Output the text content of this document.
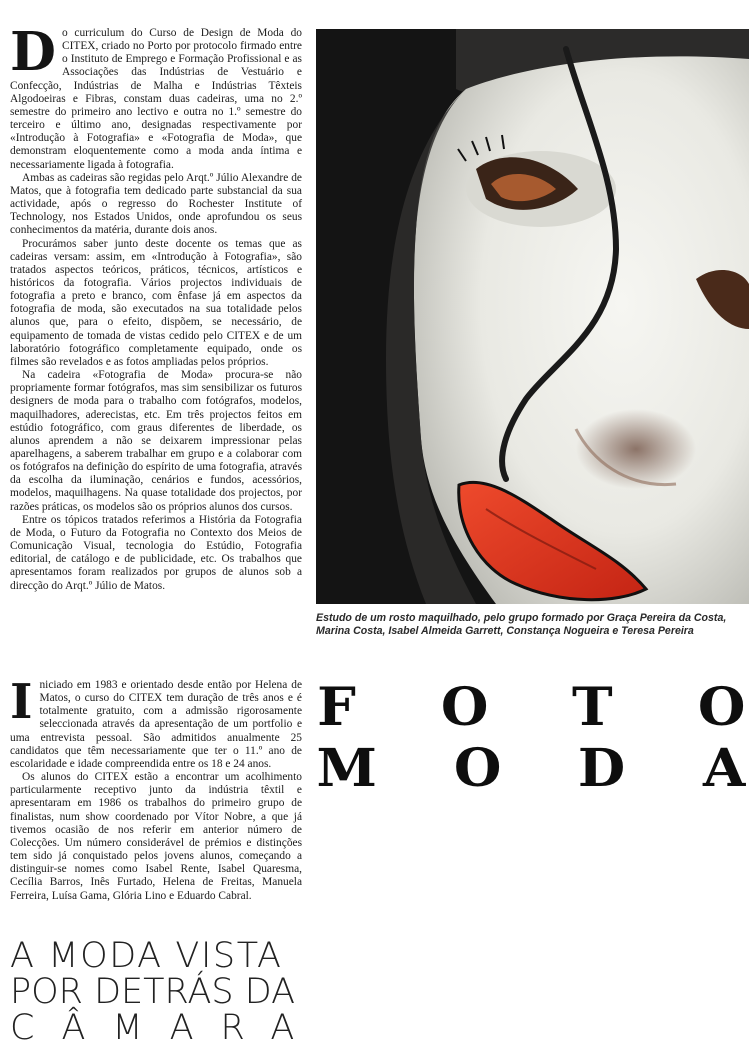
Do curriculum do Curso de Design de Moda do CITEX, criado no Porto por protocolo firmado entre o Instituto de Emprego e Formação Profissional e as Associações das Indústrias de Vestuário e Confecção, Indústrias de Malha e Indústrias Têxteis Algodoeiras e Fibras, constam duas cadeiras, uma no 2.º semestre do primeiro ano lectivo e outra no 1.º semestre do terceiro e último ano, designadas respectivamente por «Introdução à Fotografia» e «Fotografia de Moda», que demonstram eloquentemente como a moda anda íntima e necessariamente ligada à fotografia.

Ambas as cadeiras são regidas pelo Arqt.º Júlio Alexandre de Matos, que à fotografia tem dedicado parte substancial da sua actividade, após o regresso do Rochester Institute of Technology, nos Estados Unidos, onde aprofundou os seus conhecimentos da matéria, durante dois anos.

Procurámos saber junto deste docente os temas que as cadeiras versam: assim, em «Introdução à Fotografia», são tratados aspectos teóricos, práticos, técnicos, artísticos e históricos da fotografia. Vários projectos individuais de fotografia a preto e branco, com ênfase já em aspectos da fotografia de moda, são executados na sua totalidade pelos alunos que, para o efeito, dispõem, se necessário, de equipamento de tomada de vistas cedido pelo CITEX e de um laboratório fotográfico completamente equipado, onde os filmes são revelados e as fotos ampliadas pelos próprios.

Na cadeira «Fotografia de Moda» procura-se não propriamente formar fotógrafos, mas sim sensibilizar os futuros designers de moda para o trabalho com fotógrafos, modelos, maquilhadores, aderecistas, etc. Em três projectos feitos em estúdio fotográfico, com graus diferentes de liberdade, os alunos aprendem a não se deixarem impressionar pelas aparelhagens, a saberem trabalhar em grupo e a colaborar com os fotógrafos na definição do espírito de uma fotografia, através da escolha da iluminação, cenários e fundos, acessórios, modelos, maquilhagens. Na quase totalidade dos projectos, por razões práticas, os modelos são os próprios alunos dos cursos.

Entre os tópicos tratados referimos a História da Fotografia de Moda, o Futuro da Fotografia no Contexto dos Meios de Comunicação Visual, tecnologia do Estúdio, Fotografia editorial, de catálogo e de publicidade, etc. Os trabalhos que apresentamos foram realizados por grupos de alunos sob a direcção do Arqt.º Júlio de Matos.

Iniciado em 1983 e orientado desde então por Helena de Matos, o curso do CITEX tem duração de três anos e é totalmente gratuito, com a admissão rigorosamente seleccionada através da apresentação de um portfolio e uma entrevista pessoal. São admitidos anualmente 25 candidatos que têm necessariamente que ter o 11.º ano de escolaridade e idade compreendida entre os 18 e 24 anos.

Os alunos do CITEX estão a encontrar um acolhimento particularmente receptivo junto da indústria têxtil e apresentaram em 1986 os trabalhos do primeiro grupo de finalistas, num show coordenado por Vítor Nobre, a que já tivemos ocasião de nos referir em anterior número de Colecções. Um número considerável de prémios e distinções tem sido já conquistado pelos jovens alunos, começando a distinguir-se nomes como Isabel Rente, Isabel Quaresma, Cecília Barros, Inês Furtado, Helena de Freitas, Manuela Ferreira, Luísa Gama, Glória Lino e Eduardo Cabral.

Estudo de um rosto maquilhado, pelo grupo formado por Graça Pereira da Costa, Marina Costa, Isabel Almeida Garrett, Constança Nogueira e Teresa Pereira
F O T O
M O D A
A MODA VISTA
POR DETRÁS DA
CÂMARA
